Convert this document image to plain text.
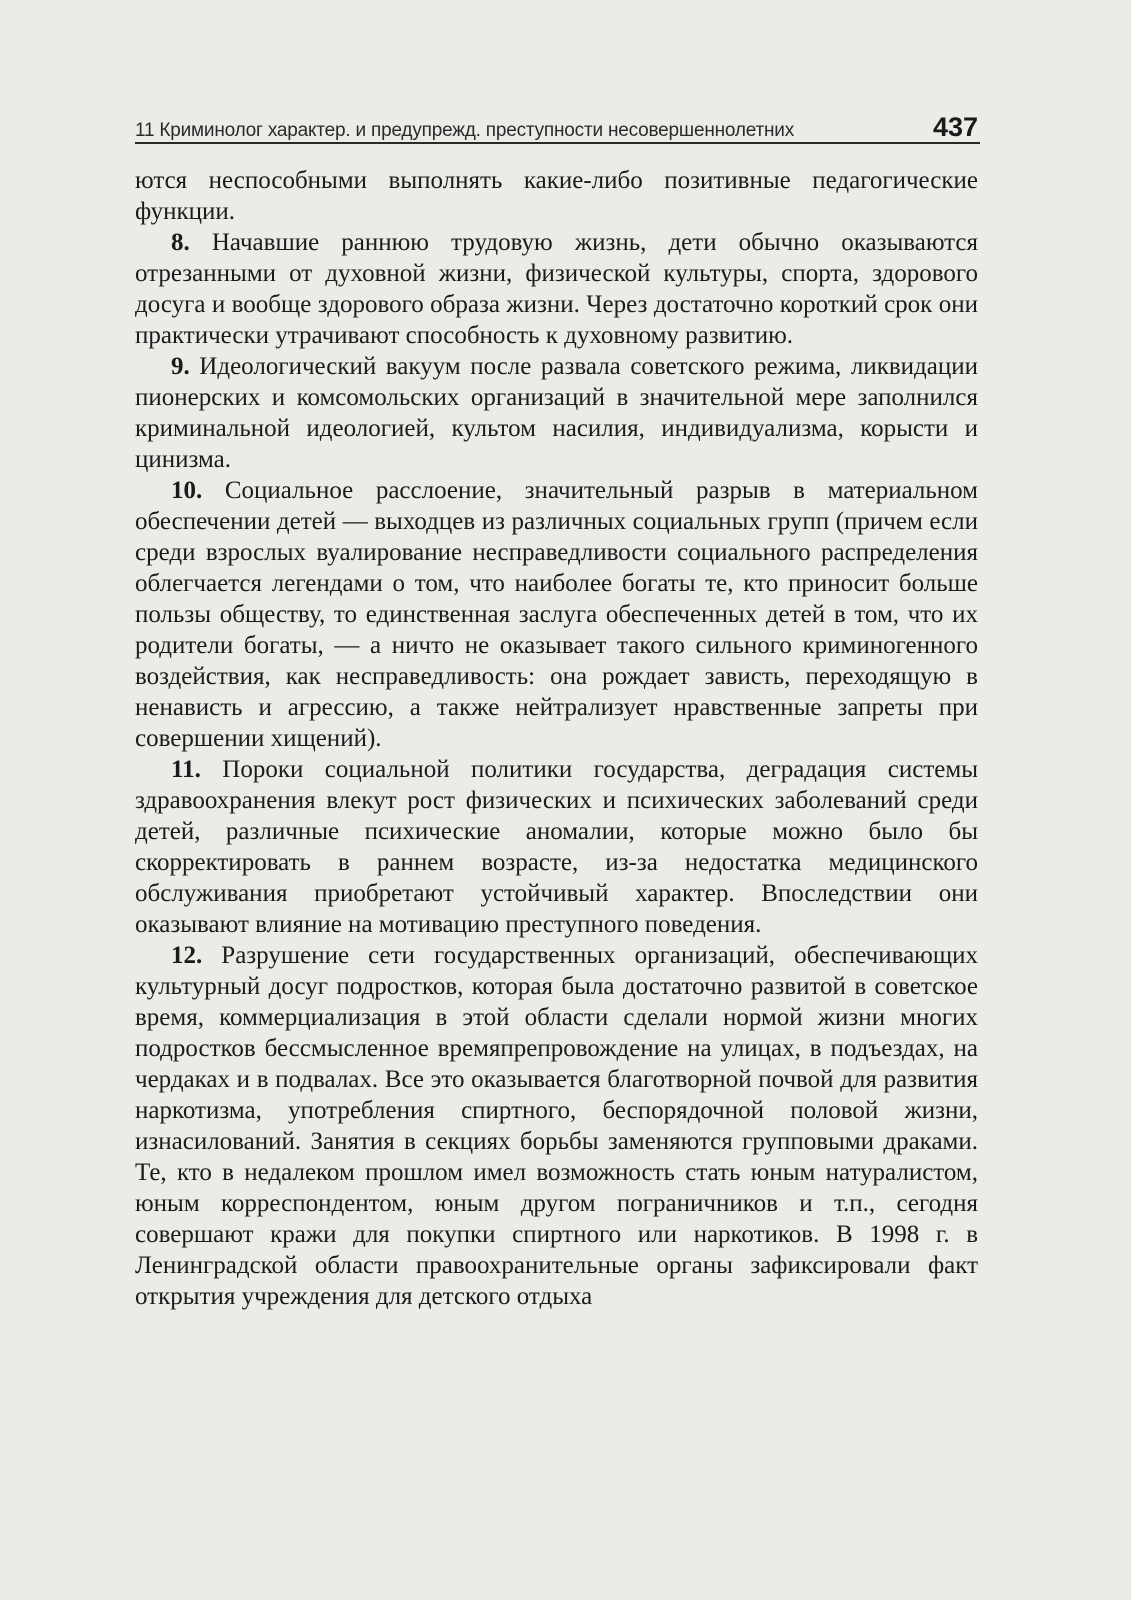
11 Криминолог характер. и предупрежд. преступности несовершеннолетних	437

ются неспособными выполнять какие-либо позитивные педагогические функции.

8. Начавшие раннюю трудовую жизнь, дети обычно оказываются отрезанными от духовной жизни, физической культуры, спорта, здорового досуга и вообще здорового образа жизни. Через достаточно короткий срок они практически утрачивают способность к духовному развитию.

9. Идеологический вакуум после развала советского режима, ликвидации пионерских и комсомольских организаций в значительной мере заполнился криминальной идеологией, культом насилия, индивидуализма, корысти и цинизма.

10. Социальное расслоение, значительный разрыв в материальном обеспечении детей — выходцев из различных социальных групп (причем если среди взрослых вуалирование несправедливости социального распределения облегчается легендами о том, что наиболее богаты те, кто приносит больше пользы обществу, то единственная заслуга обеспеченных детей в том, что их родители богаты, — а ничто не оказывает такого сильного криминогенного воздействия, как несправедливость: она рождает зависть, переходящую в ненависть и агрессию, а также нейтрализует нравственные запреты при совершении хищений).

11. Пороки социальной политики государства, деградация системы здравоохранения влекут рост физических и психических заболеваний среди детей, различные психические аномалии, которые можно было бы скорректировать в раннем возрасте, из-за недостатка медицинского обслуживания приобретают устойчивый характер. Впоследствии они оказывают влияние на мотивацию преступного поведения.

12. Разрушение сети государственных организаций, обеспечивающих культурный досуг подростков, которая была достаточно развитой в советское время, коммерциализация в этой области сделали нормой жизни многих подростков бессмысленное времяпрепровождение на улицах, в подъездах, на чердаках и в подвалах. Все это оказывается благотворной почвой для развития наркотизма, употребления спиртного, беспорядочной половой жизни, изнасилований. Занятия в секциях борьбы заменяются групповыми драками. Те, кто в недалеком прошлом имел возможность стать юным натуралистом, юным корреспондентом, юным другом пограничников и т.п., сегодня совершают кражи для покупки спиртного или наркотиков. В 1998 г. в Ленинградской области правоохранительные органы зафиксировали факт открытия учреждения для детского отдыха
